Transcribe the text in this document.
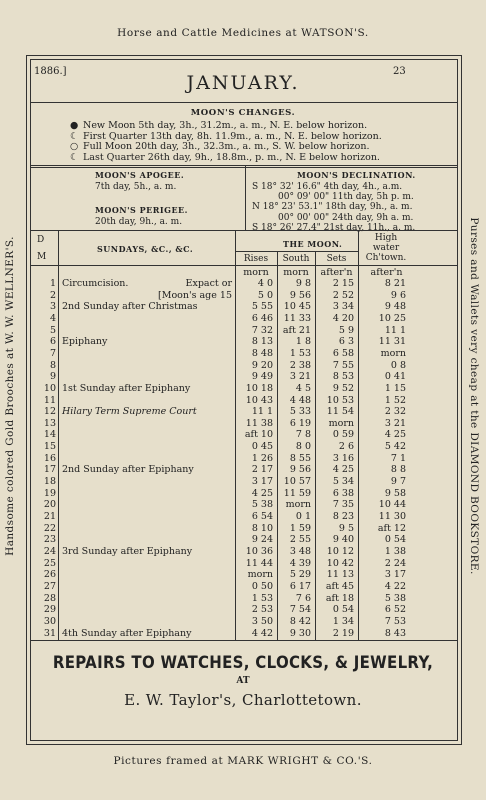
Horse and Cattle Medicines at WATSON'S.
Pictures framed at MARK WRIGHT & CO.'S.
Handsome colored Gold Brooches at W. W. WELLNER'S.	Purses and Wallets very cheap at the DIAMOND BOOKSTORE.
1886.]	23
JANUARY.
MOON'S CHANGES.
● New Moon 5th day, 3h., 31.2m., a. m., N. E. below horizon.
☾ First Quarter 13th day, 8h. 11.9m., a. m., N. E. below horizon.
○ Full Moon 20th day, 3h., 32.3m., a. m., S. W. below horizon.
☾ Last Quarter 26th day, 9h., 18.8m., p. m., N. E below horizon.
MOON'S APOGEE.
7th day, 5h., a. m.
MOON'S PERIGEE.
20th day, 9h., a. m.
MOON'S DECLINATION.
S 18° 32' 16.6" 4th day, 4h., a.m.
00° 09' 00" 11th day, 5h p. m.
N 18° 23' 53.1" 18th day, 9h., a. m.
00° 00' 00" 24th day, 9h a. m.
S 18° 26' 27.4" 21st day, 11h., a. m.
D
M
SUNDAYS, &C., &C.	THE MOON.
High
water
Ch'town.
Rises	South	Sets
morn	morn	after'n	after'n
1 Circumcision.	Expact or	4 0	9 8	2 15	8 21
2	[Moon's age 15	5 0	9 56	2 52	9 6
3 2nd Sunday after Christmas	5 55	10 45	3 34	9 48
4	6 46	11 33	4 20	10 25
5	7 32	aft 21	5 9	11 1
6 Epiphany	8 13	1 8	6 3	11 31
7	8 48	1 53	6 58	morn
8	9 20	2 38	7 55	0 8
9	9 49	3 21	8 53	0 41
10 1st Sunday after Epiphany	10 18	4 5	9 52	1 15
11	10 43	4 48	10 53	1 52
12 Hilary Term Supreme Court	11 1	5 33	11 54	2 32
13	11 38	6 19	morn	3 21
14	aft 10	7 8	0 59	4 25
15	0 45	8 0	2 6	5 42
16	1 26	8 55	3 16	7 1
17 2nd Sunday after Epiphany	2 17	9 56	4 25	8 8
18	3 17	10 57	5 34	9 7
19	4 25	11 59	6 38	9 58
20	5 38	morn	7 35	10 44
21	6 54	0 1	8 23	11 30
22	8 10	1 59	9 5	aft 12
23	9 24	2 55	9 40	0 54
24 3rd Sunday after Epiphany	10 36	3 48	10 12	1 38
25	11 44	4 39	10 42	2 24
26	morn	5 29	11 13	3 17
27	0 50	6 17	aft 45	4 22
28	1 53	7 6	aft 18	5 38
29	2 53	7 54	0 54	6 52
30	3 50	8 42	1 34	7 53
31 4th Sunday after Epiphany	4 42	9 30	2 19	8 43
REPAIRS TO WATCHES, CLOCKS, & JEWELRY,
AT
E. W. Taylor's, Charlottetown.
